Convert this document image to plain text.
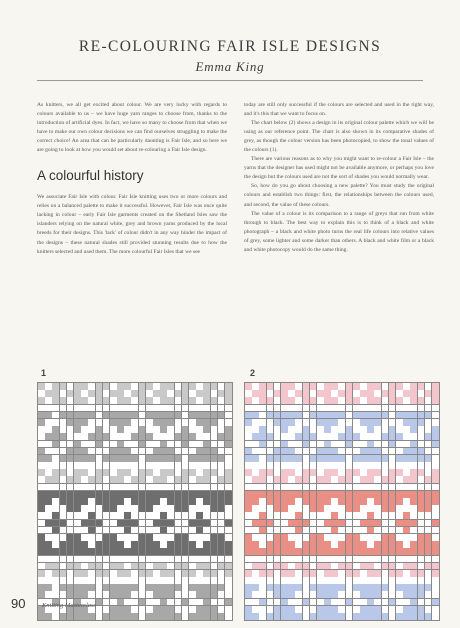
RE-COLOURING FAIR ISLE DESIGNS
Emma King

As knitters, we all get excited about colour. We are very lucky with regards to colours available to us – we have huge yarn ranges to choose from, thanks to the introduction of artificial dyes. In fact, we have so many to choose from that when we have to make our own colour decisions we can find ourselves struggling to make the correct choice! An area that can be particularly daunting is Fair Isle, and so here we are going to look at how you would set about re-colouring a Fair Isle design.

A colourful history

We associate Fair Isle with colour. Fair Isle knitting uses two or more colours and relies on a balanced palette to make it successful. However, Fair Isle was once quite lacking in colour – early Fair Isle garments created on the Shetland Isles saw the islanders relying on the natural white, grey and brown yarns produced by the local breeds for their designs. This 'lack' of colour didn't in any way hinder the impact of the designs – these natural shades still provided stunning results due to how the knitters selected and used them. The more colourful Fair Isles that we see

today are still only successful if the colours are selected and used in the right way, and it's this that we want to focus on.

The chart below (2) shows a design in its original colour palette which we will be using as our reference point. The chart is also shown in its comparative shades of grey, as though the colour version has been photocopied, to show the tonal values of the colours (1).

There are various reasons as to why you might want to re-colour a Fair Isle – the yarns that the designer has used might not be available anymore, or perhaps you love the design but the colours used are not the sort of shades you would normally wear.

So, how do you go about choosing a new palette? You must study the original colours and establish two things: first, the relationships between the colours used, and second, the value of these colours.

The value of a colour is its comparison to a range of greys that run from white through to black. The best way to explain this is to think of a black and white photograph – a black and white photo turns the real life colours into relative values of grey, some lighter and some darker than others. A black and white film or a black and white photocopy would do the same thing.

1	2
90	Knitting Masterclass
